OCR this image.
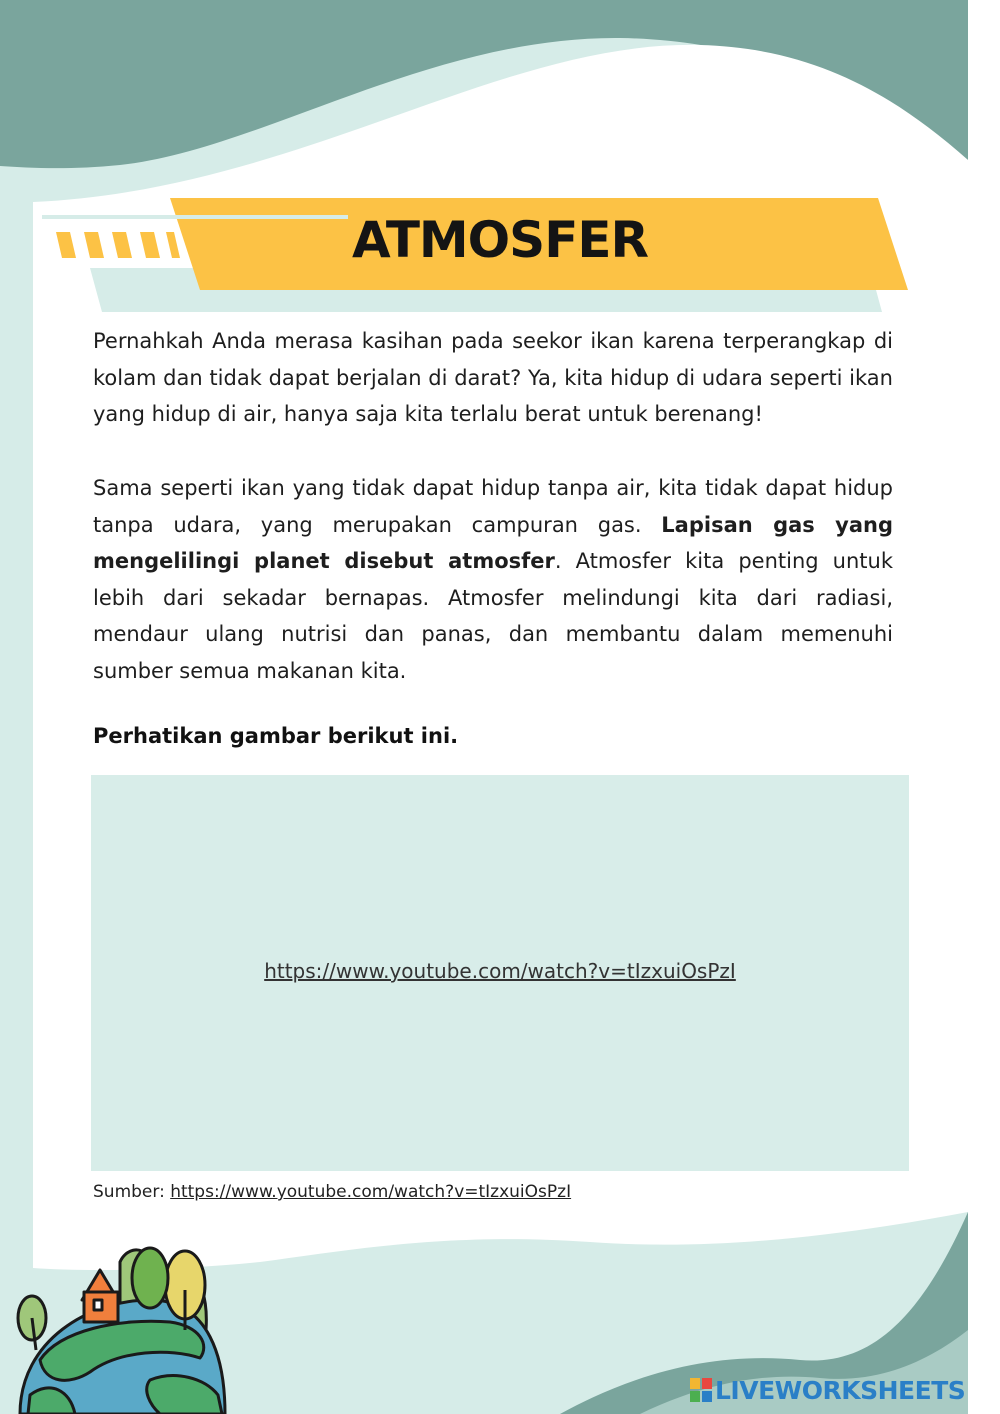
ATMOSFER

Pernahkah Anda merasa kasihan pada seekor ikan karena terperangkap di kolam dan tidak dapat berjalan di darat? Ya, kita hidup di udara seperti ikan yang hidup di air, hanya saja kita terlalu berat untuk berenang!

Sama seperti ikan yang tidak dapat hidup tanpa air, kita tidak dapat hidup tanpa udara, yang merupakan campuran gas. Lapisan gas yang mengelilingi planet disebut atmosfer. Atmosfer kita penting untuk lebih dari sekadar bernapas. Atmosfer melindungi kita dari radiasi, mendaur ulang nutrisi dan panas, dan membantu dalam memenuhi sumber semua makanan kita.

Perhatikan gambar berikut ini.

https://www.youtube.com/watch?v=tIzxuiOsPzI

Sumber: https://www.youtube.com/watch?v=tIzxuiOsPzI

LIVEWORKSHEETS
